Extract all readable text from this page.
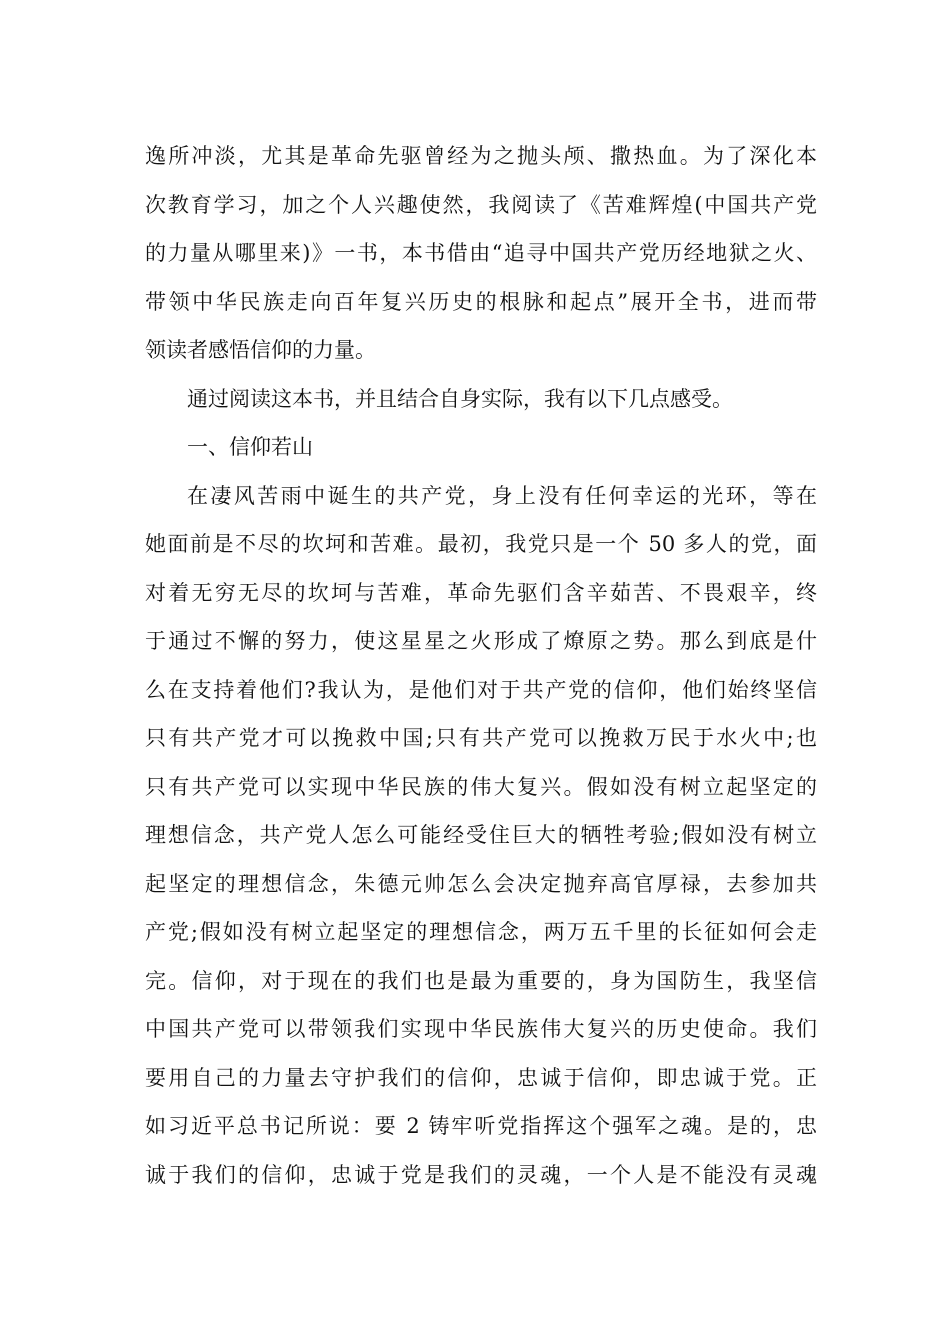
逸所冲淡，尤其是革命先驱曾经为之抛头颅、撒热血。为了深化本
次教育学习，加之个人兴趣使然，我阅读了《苦难辉煌(中国共产党
的力量从哪里来)》一书，本书借由“追寻中国共产党历经地狱之火、
带领中华民族走向百年复兴历史的根脉和起点”展开全书，进而带
领读者感悟信仰的力量。
通过阅读这本书，并且结合自身实际，我有以下几点感受。
一、信仰若山
在凄风苦雨中诞生的共产党，身上没有任何幸运的光环，等在
她面前是不尽的坎坷和苦难。最初，我党只是一个 50 多人的党，面
对着无穷无尽的坎坷与苦难，革命先驱们含辛茹苦、不畏艰辛，终
于通过不懈的努力，使这星星之火形成了燎原之势。那么到底是什
么在支持着他们?我认为，是他们对于共产党的信仰，他们始终坚信
只有共产党才可以挽救中国;只有共产党可以挽救万民于水火中;也
只有共产党可以实现中华民族的伟大复兴。假如没有树立起坚定的
理想信念，共产党人怎么可能经受住巨大的牺牲考验;假如没有树立
起坚定的理想信念，朱德元帅怎么会决定抛弃高官厚禄，去参加共
产党;假如没有树立起坚定的理想信念，两万五千里的长征如何会走
完。信仰，对于现在的我们也是最为重要的，身为国防生，我坚信
中国共产党可以带领我们实现中华民族伟大复兴的历史使命。我们
要用自己的力量去守护我们的信仰，忠诚于信仰，即忠诚于党。正
如习近平总书记所说：要 2 铸牢听党指挥这个强军之魂。是的，忠
诚于我们的信仰，忠诚于党是我们的灵魂，一个人是不能没有灵魂
